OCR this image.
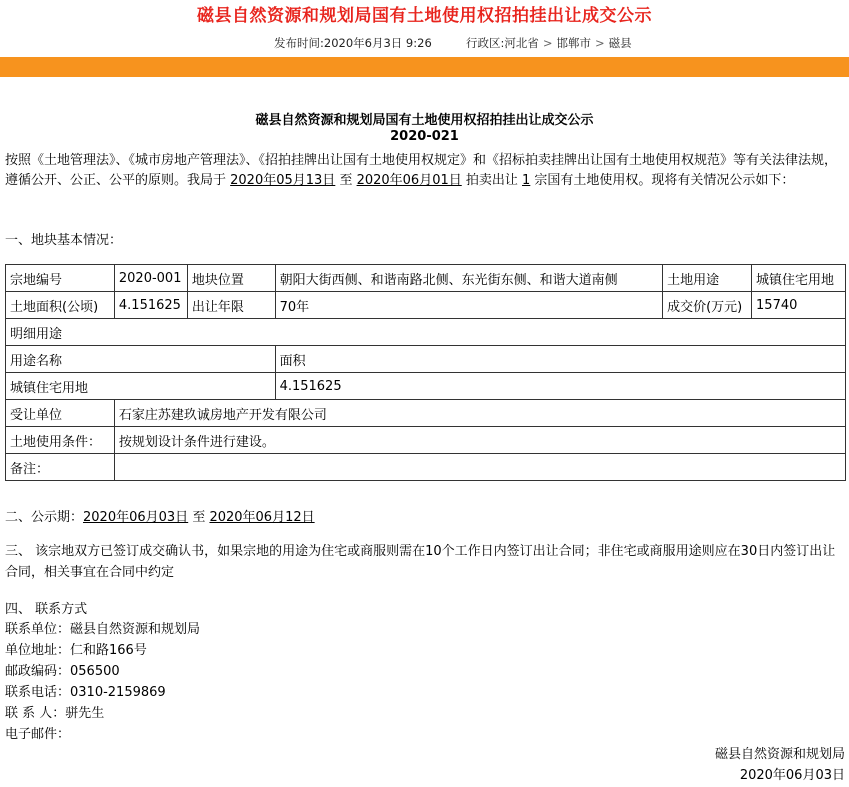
磁县自然资源和规划局国有土地使用权招拍挂出让成交公示
发布时间:2020年6月3日 9:26	行政区:河北省 > 邯郸市 > 磁县
磁县自然资源和规划局国有土地使用权招拍挂出让成交公示
2020-021
按照《土地管理法》、《城市房地产管理法》、《招拍挂牌出让国有土地使用权规定》和《招标拍卖挂牌出让国有土地使用权规范》等有关法律法规，遵循公开、公正、公平的原则。我局于 2020年05月13日 至 2020年06月01日 拍卖出让 1 宗国有土地使用权。现将有关情况公示如下：
一、地块基本情况：
宗地编号	2020-001	地块位置	朝阳大街西侧、和谐南路北侧、东光街东侧、和谐大道南侧	土地用途	城镇住宅用地
土地面积(公顷)	4.151625	出让年限	70年	成交价(万元)	15740
明细用途					
用途名称			面积		
城镇住宅用地			4.151625		
受让单位	石家庄苏建玖诚房地产开发有限公司				
土地使用条件：	按规划设计条件进行建设。				
备注：					
二、公示期：2020年06月03日 至 2020年06月12日
三、 该宗地双方已签订成交确认书，如果宗地的用途为住宅或商服则需在10个工作日内签订出让合同；非住宅或商服用途则应在30日内签订出让合同，相关事宜在合同中约定
四、 联系方式
联系单位：磁县自然资源和规划局
单位地址：仁和路166号
邮政编码：056500
联系电话：0310-2159869
联 系 人：骈先生
电子邮件：
磁县自然资源和规划局
2020年06月03日
